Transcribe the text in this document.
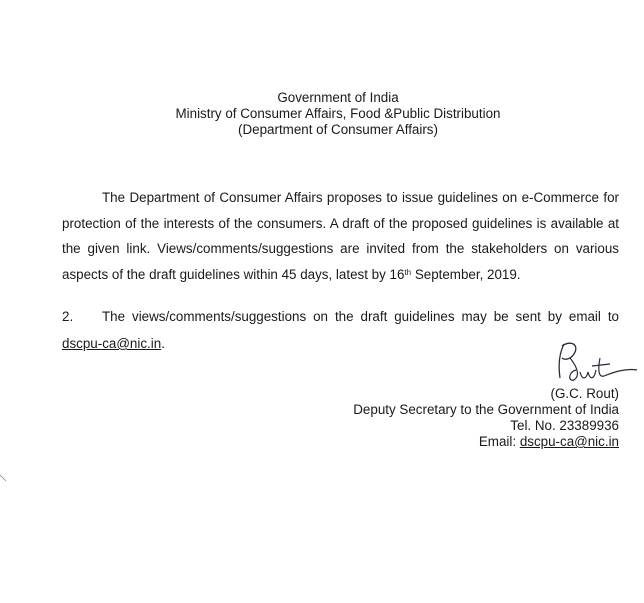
Government of India
Ministry of Consumer Affairs, Food &Public Distribution
(Department of Consumer Affairs)
The Department of Consumer Affairs proposes to issue guidelines on e-Commerce for protection of the interests of the consumers. A draft of the proposed guidelines is available at the given link. Views/comments/suggestions are invited from the stakeholders on various aspects of the draft guidelines within 45 days, latest by 16th September, 2019.
2.	The views/comments/suggestions on the draft guidelines may be sent by email to
dscpu-ca@nic.in.
(G.C. Rout)
Deputy Secretary to the Government of India
Tel. No. 23389936
Email: dscpu-ca@nic.in
